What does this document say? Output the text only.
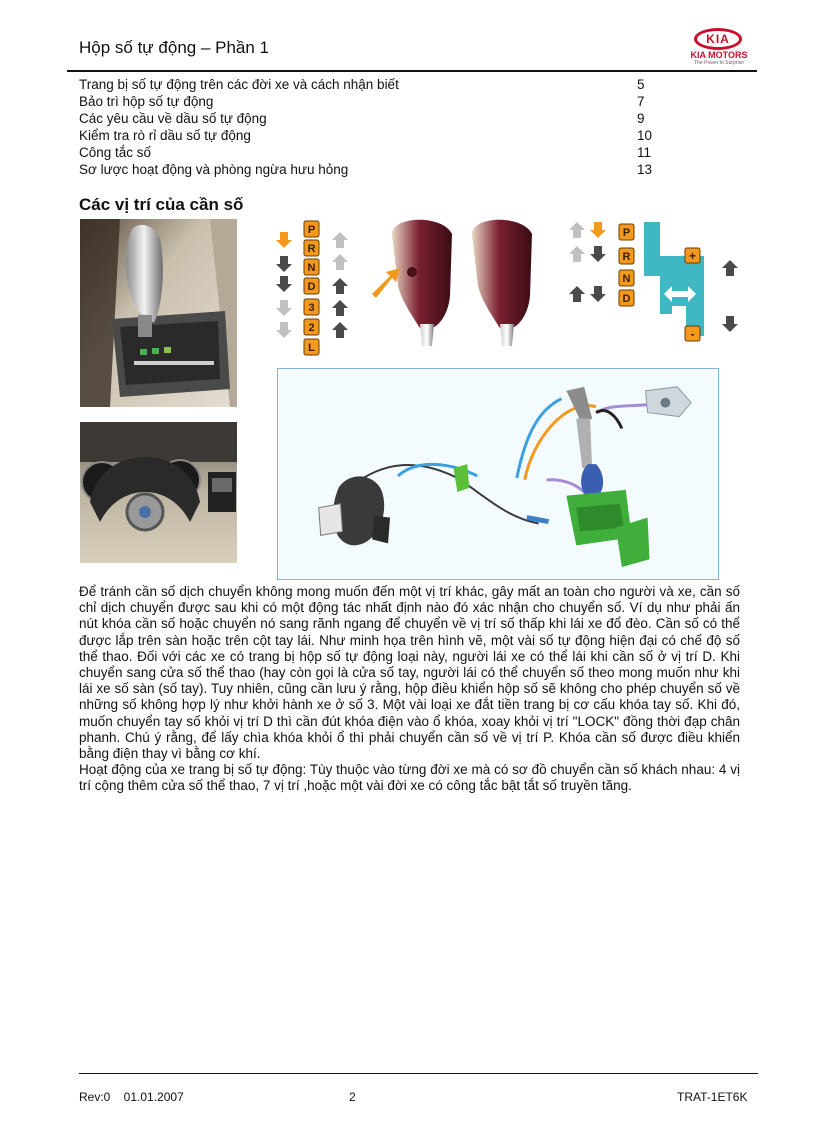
Hộp số tự động – Phần 1	KIA
KIA MOTORS
The Power to Surprise
Trang bị số tự động trên các đời xe và cách nhận biết	5
Bảo trì hộp số tự động	7
Các yêu cầu về dầu số tự động	9
Kiểm tra rò rỉ dầu số tự động	10
Công tắc số	11
Sơ lược hoạt động và phòng ngừa hưu hỏng	13
Các vị trí của cần số
P
R
N
D
3
2
L
P
R
N
D
+
-

Để tránh cần số dịch chuyển không mong muốn đến một vị trí khác, gây mất an toàn cho người và xe, cần số chỉ dịch chuyển được sau khi có một động tác nhất định nào đó xác nhận cho chuyển số. Ví dụ như phải ấn nút khóa cần số hoặc chuyển nó sang rãnh ngang để chuyển về vị trí số thấp khi lái xe đổ đèo. Cần số có thể được lắp trên sàn hoặc trên cột tay lái. Như minh họa trên hình vẽ, một vài số tự động hiện đại có chế độ số thể thao. Đối với các xe có trang bị hộp số tự động loại này, người lái xe có thể lái khi cần số ở vị trí D. Khi chuyển sang cửa số thể thao (hay còn gọi là cửa số tay, người lái có thể chuyển số theo mong muốn như khi lái xe số sàn (số tay). Tuy nhiên, cũng cần lưu ý rằng, hộp điều khiển hộp số sẽ không cho phép chuyển số về những số không hợp lý như khởi hành xe ở số 3. Một vài loại xe đắt tiền trang bị cơ cấu khóa tay số. Khi đó, muốn chuyển tay số khỏi vị trí D thì cần đút khóa điện vào ổ khóa, xoay khỏi vị trí "LOCK" đồng thời đạp chân phanh. Chú ý rằng, để lấy chìa khóa khỏi ổ thì phải chuyển cần số về vị trí P. Khóa cần số được điều khiển bằng điện thay vì bằng cơ khí.

Hoạt động của xe trang bị số tự động: Tùy thuộc vào từng đời xe mà có sơ đồ chuyển cần số khách nhau: 4 vị trí cộng thêm cửa số thể thao, 7 vị trí ,hoặc một vài đời xe có công tắc bật tắt số truyền tăng.

Rev:0    01.01.2007	2	TRAT-1ET6K
